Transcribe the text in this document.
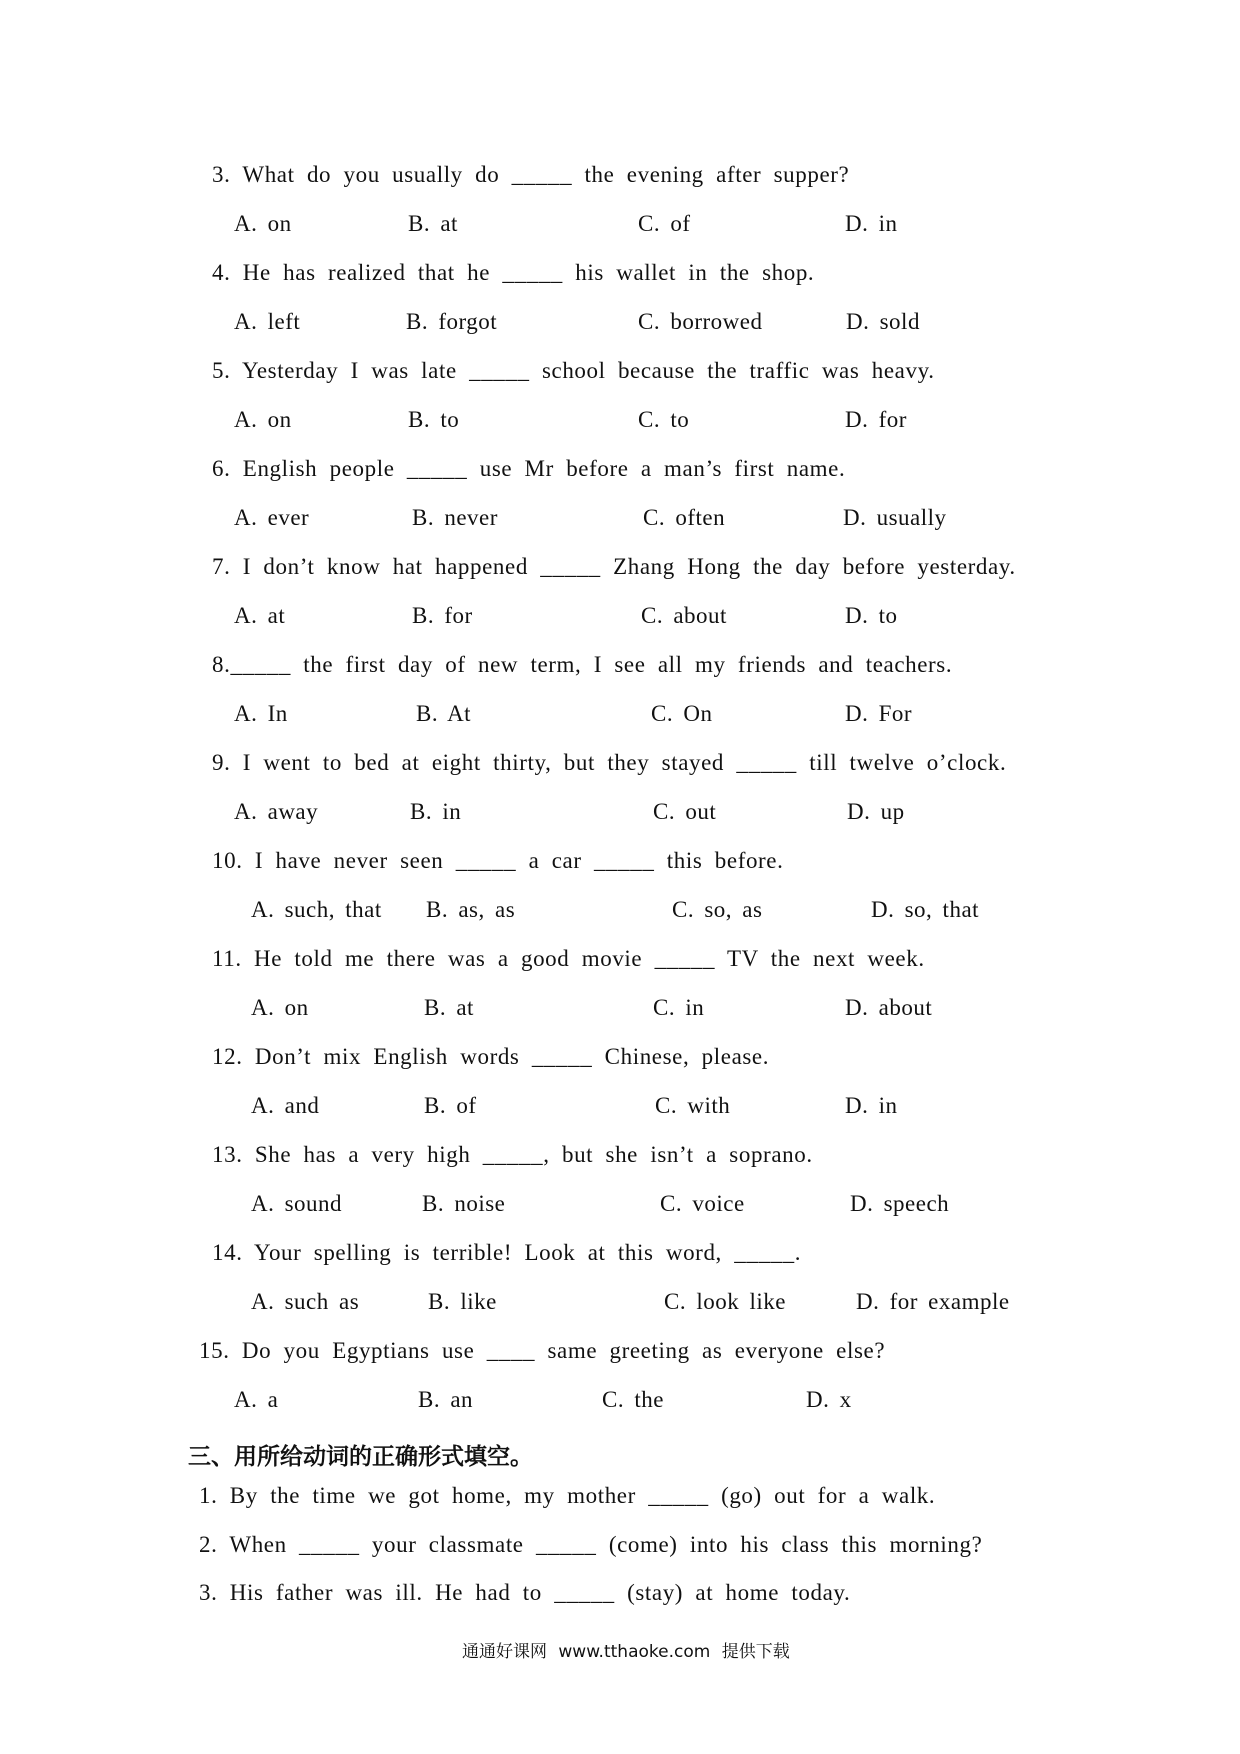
3. What do you usually do _____ the evening after supper?

A. on	B. at	C. of	D. in

4. He has realized that he _____ his wallet in the shop.

A. left	B. forgot	C. borrowed	D. sold

5. Yesterday I was late _____ school because the traffic was heavy.

A. on	B. to	C. to	D. for

6. English people _____ use Mr before a man’s first name.

A. ever	B. never	C. often	D. usually

7. I don’t know hat happened _____ Zhang Hong the day before yesterday.

A. at	B. for	C. about	D. to

8._____ the first day of new term, I see all my friends and teachers.

A. In	B. At	C. On	D. For

9. I went to bed at eight thirty, but they stayed _____ till twelve o’clock.

A. away	B. in	C. out	D. up

10. I have never seen _____ a car _____ this before.

A. such, that B. as, as	C. so, as	D. so, that

11. He told me there was a good movie _____ TV the next week.

A. on	B. at	C. in	D. about

12. Don’t mix English words _____ Chinese, please.

A. and	B. of	C. with	D. in

13. She has a very high _____, but she isn’t a soprano.

A. sound	B. noise	C. voice	D. speech

14. Your spelling is terrible! Look at this word, _____.

A. such as	B. like	C. look like	D. for example

15. Do you Egyptians use ____ same greeting as everyone else?

A. a	B. an	C. the	D. x

三、用所给动词的正确形式填空。

1. By the time we got home, my mother _____ (go) out for a walk.

2. When _____ your classmate _____ (come) into his class this morning?

3. His father was ill. He had to _____ (stay) at home today.

通通好课网 www.tthaoke.com 提供下载
